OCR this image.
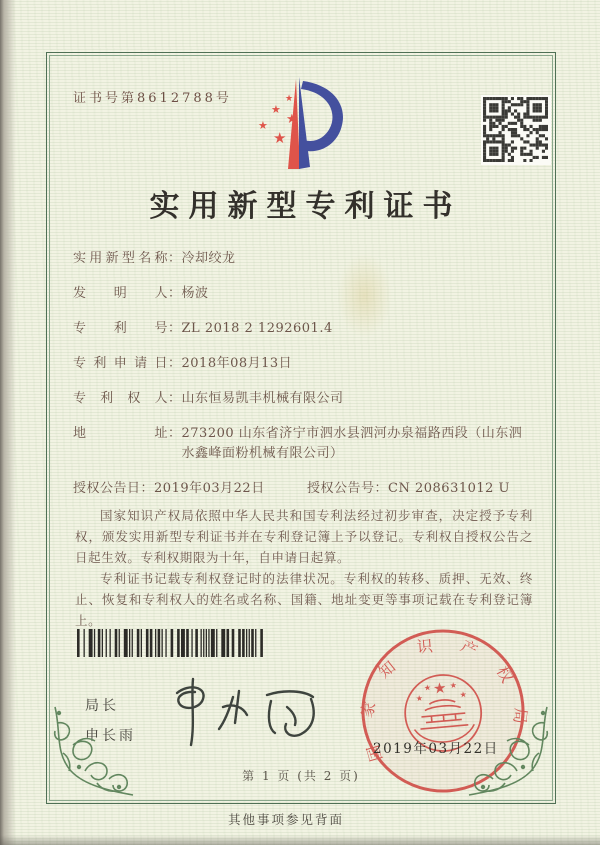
证书号第8612788号	★
★
★
★
★
实用新型专利证书
实用新型名称：冷却绞龙
发明人：杨波
专利号：ZL 2018 2 1292601.4
专利申请日：2018年08月13日
专利权人：山东恒易凯丰机械有限公司
地址：273200 山东省济宁市泗水县泗河办泉福路西段（山东泗水鑫峰面粉机械有限公司）
授权公告日：2019年03月22日	授权公告号：CN 208631012 U

国家知识产权局依照中华人民共和国专利法经过初步审查，决定授予专利权，颁发实用新型专利证书并在专利登记簿上予以登记。专利权自授权公告之日起生效。专利权期限为十年，自申请日起算。

专利证书记载专利权登记时的法律状况。专利权的转移、质押、无效、终止、恢复和专利权人的姓名或名称、国籍、地址变更等事项记载在专利登记簿上。

局长
申长雨	国家知识产权局
★
★
★ ★
★
2019年03月22日
第 1 页 (共 2 页)
其他事项参见背面
